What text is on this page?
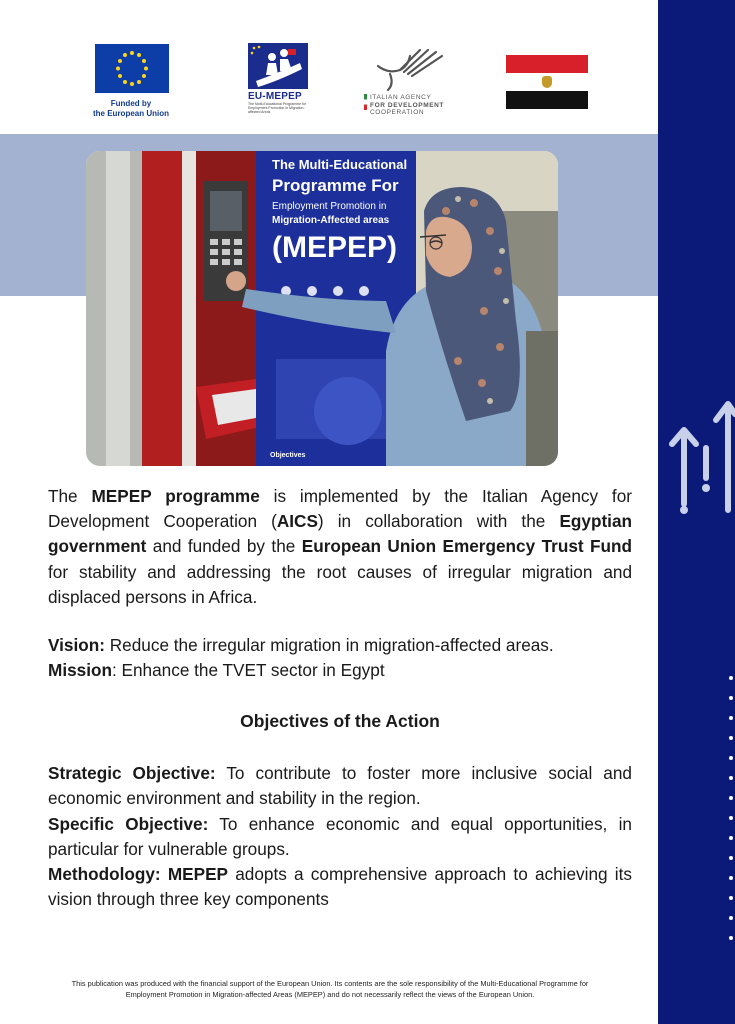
Funded by
the European Union
EU-MEPEP
The Multi-Educational Programme for Employment Promotion in Migration-affected Areas
ITALIAN AGENCY
FOR DEVELOPMENT
COOPERATION
The Multi-Educational
Programme For
Employment Promotion in
Migration-Affected areas
(MEPEP)
Objectives

The MEPEP programme is implemented by the Italian Agency for Development Cooperation (AICS) in collaboration with the Egyptian government and funded by the European Union Emergency Trust Fund for stability and addressing the root causes of irregular migration and displaced persons in Africa.

Vision: Reduce the irregular migration in migration-affected areas.

Mission: Enhance the TVET sector in Egypt

Objectives of the Action

Strategic Objective: To contribute to foster more inclusive social and economic environment and stability in the region.

Specific Objective: To enhance economic and equal opportunities, in particular for vulnerable groups.

Methodology: MEPEP adopts a comprehensive approach to achieving its vision through three key components

This publication was produced with the financial support of the European Union. Its contents are the sole responsibility of the Multi-Educational Programme for
Employment Promotion in Migration-affected Areas (MEPEP) and do not necessarily reflect the views of the European Union.
